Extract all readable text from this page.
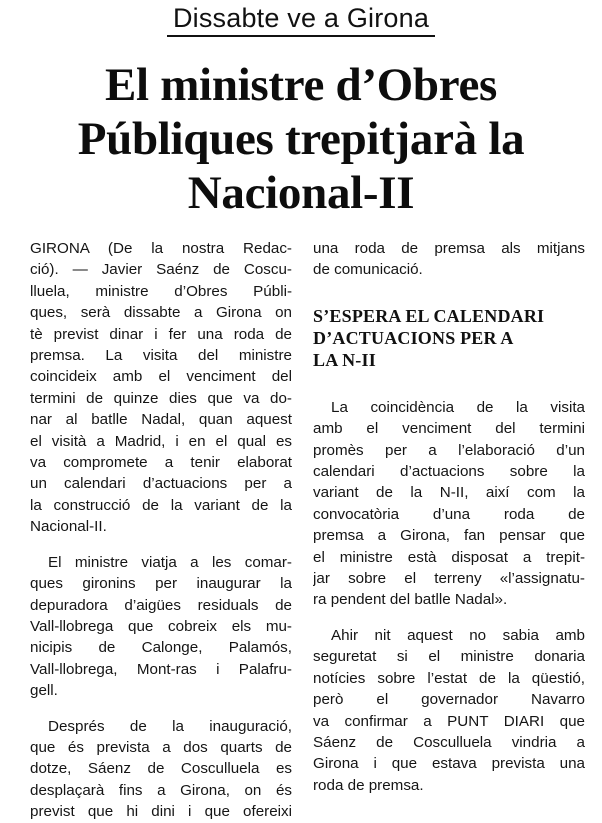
Dissabte ve a Girona
El ministre d’Obres
Públiques trepitjarà la
Nacional-II
GIRONA (De la nostra Redac-
ció). — Javier Saénz de Coscu-
lluela, ministre d’Obres Públi-
ques, serà dissabte a Girona on
tè previst dinar i fer una roda de
premsa. La visita del ministre
coincideix amb el venciment del
termini de quinze dies que va do-
nar al batlle Nadal, quan aquest
el visità a Madrid, i en el qual es
va compromete a tenir elaborat
un calendari d’actuacions per a
la construcció de la variant de la
Nacional-II.
El ministre viatja a les comar-
ques gironins per inaugurar la
depuradora d’aigües residuals de
Vall-llobrega que cobreix els mu-
nicipis de Calonge, Palamós,
Vall-llobrega, Mont-ras i Palafru-
gell.
Després de la inauguració,
que és prevista a dos quarts de
dotze, Sáenz de Cosculluela es
desplaçarà fins a Girona, on és
previst que hi dini i que ofereixi
una roda de premsa als mitjans
de comunicació.
S’ESPERA EL CALENDARI
D’ACTUACIONS PER A
LA N-II
La coincidència de la visita
amb el venciment del termini
promès per a l’elaboració d’un
calendari d’actuacions sobre la
variant de la N-II, així com la
convocatòria d’una roda de
premsa a Girona, fan pensar que
el ministre està disposat a trepit-
jar sobre el terreny «l’assignatu-
ra pendent del batlle Nadal».
Ahir nit aquest no sabia amb
seguretat si el ministre donaria
notícies sobre l’estat de la qüestió,
però el governador Navarro
va confirmar a PUNT DIARI que
Sáenz de Cosculluela vindria a
Girona i que estava prevista una
roda de premsa.
